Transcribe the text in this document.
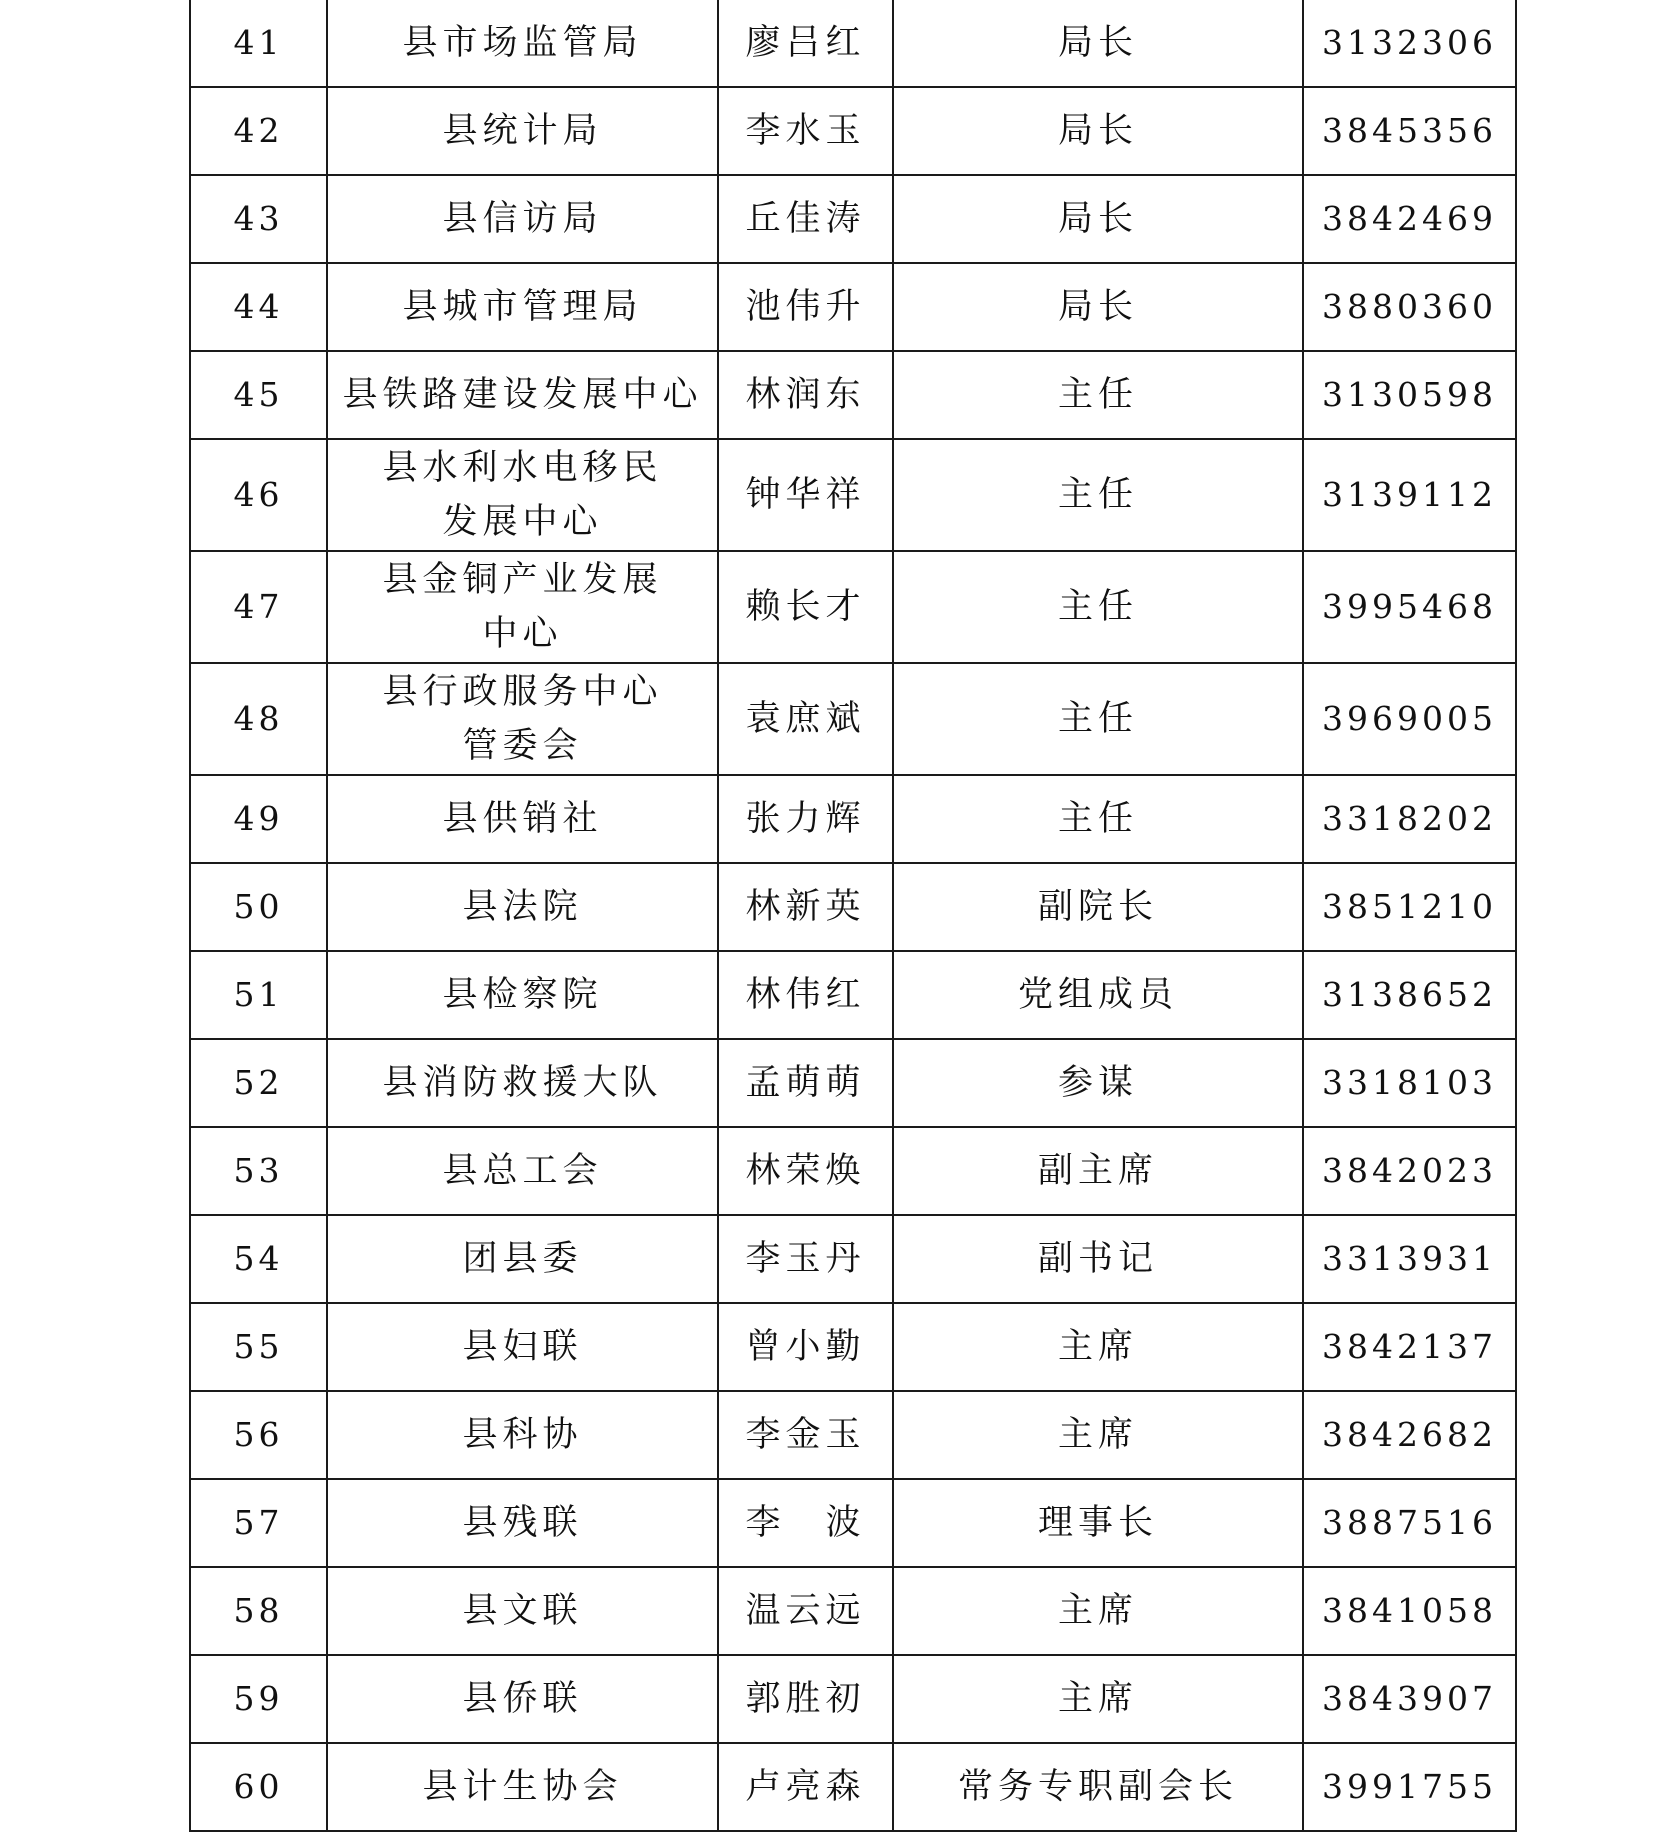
41	县市场监管局	廖吕红	局长	3132306
42	县统计局	李水玉	局长	3845356
43	县信访局	丘佳涛	局长	3842469
44	县城市管理局	池伟升	局长	3880360
45	县铁路建设发展中心	林润东	主任	3130598
46	县水利水电移民
发展中心	钟华祥	主任	3139112
47	县金铜产业发展
中心	赖长才	主任	3995468
48	县行政服务中心
管委会	袁庶斌	主任	3969005
49	县供销社	张力辉	主任	3318202
50	县法院	林新英	副院长	3851210
51	县检察院	林伟红	党组成员	3138652
52	县消防救援大队	孟萌萌	参谋	3318103
53	县总工会	林荣焕	副主席	3842023
54	团县委	李玉丹	副书记	3313931
55	县妇联	曾小勤	主席	3842137
56	县科协	李金玉	主席	3842682
57	县残联	李　波	理事长	3887516
58	县文联	温云远	主席	3841058
59	县侨联	郭胜初	主席	3843907
60	县计生协会	卢亮森	常务专职副会长	3991755
